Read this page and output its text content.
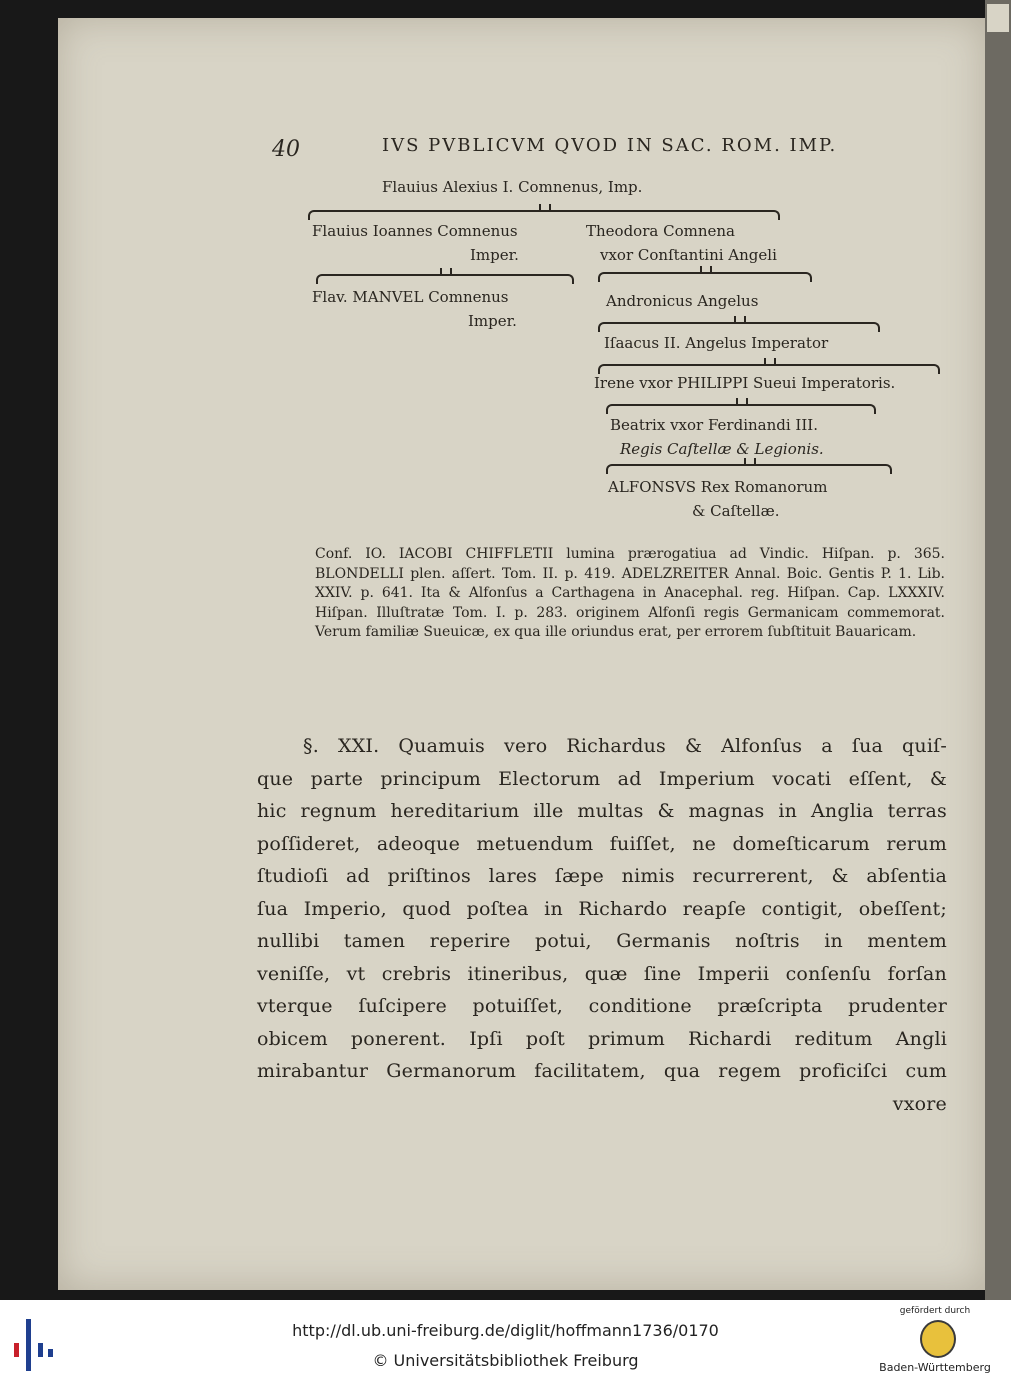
40	IVS PVBLICVM QVOD IN SAC. ROM. IMP.
Flauius Alexius I. Comnenus, Imp.
Flauius Ioannes Comnenus
Imper.
Theodora Comnena
vxor Conſtantini Angeli
Flav. MANVEL Comnenus
Imper.
Andronicus Angelus
Iſaacus II. Angelus Imperator
Irene vxor PHILIPPI Sueui Imperatoris.
Beatrix vxor Ferdinandi III.
Regis Caſtellæ & Legionis.
ALFONSVS Rex Romanorum
& Caſtellæ.
Conf. IO. IACOBI CHIFFLETII lumina prærogatiua ad Vindic. Hiſpan. p. 365. BLONDELLI plen. aſſert. Tom. II. p. 419. ADELZREITER Annal. Boic. Gentis P. 1. Lib. XXIV. p. 641. Ita & Alfonſus a Carthagena in Anacephal. reg. Hiſpan. Cap. LXXXIV. Hiſpan. Illuſtratæ Tom. I. p. 283. originem Alfonſi regis Germanicam commemorat. Verum familiæ Sueuicæ, ex qua ille oriundus erat, per errorem ſubſtituit Bauaricam.
§. XXI. Quamuis vero Richardus & Alfonſus a ſua quiſ-
que parte principum Electorum ad Imperium vocati eſſent, &
hic regnum hereditarium ille multas & magnas in Anglia terras
poſſideret, adeoque metuendum fuiſſet, ne domeſticarum rerum
ſtudioſi ad priſtinos lares ſæpe nimis recurrerent, & abſentia
ſua Imperio, quod poſtea in Richardo reapſe contigit, obeſſent;
nullibi tamen reperire potui, Germanis noſtris in mentem
veniſſe, vt crebris itineribus, quæ ſine Imperii conſenſu forſan
vterque ſuſcipere potuiſſet, conditione præſcripta prudenter
obicem ponerent. Ipſi poſt primum Richardi reditum Angli
mirabantur Germanorum facilitatem, qua regem proficiſci cum
vxore
http://dl.ub.uni-freiburg.de/diglit/hoffmann1736/0170
© Universitätsbibliothek Freiburg
gefördert durch
Baden-Württemberg
